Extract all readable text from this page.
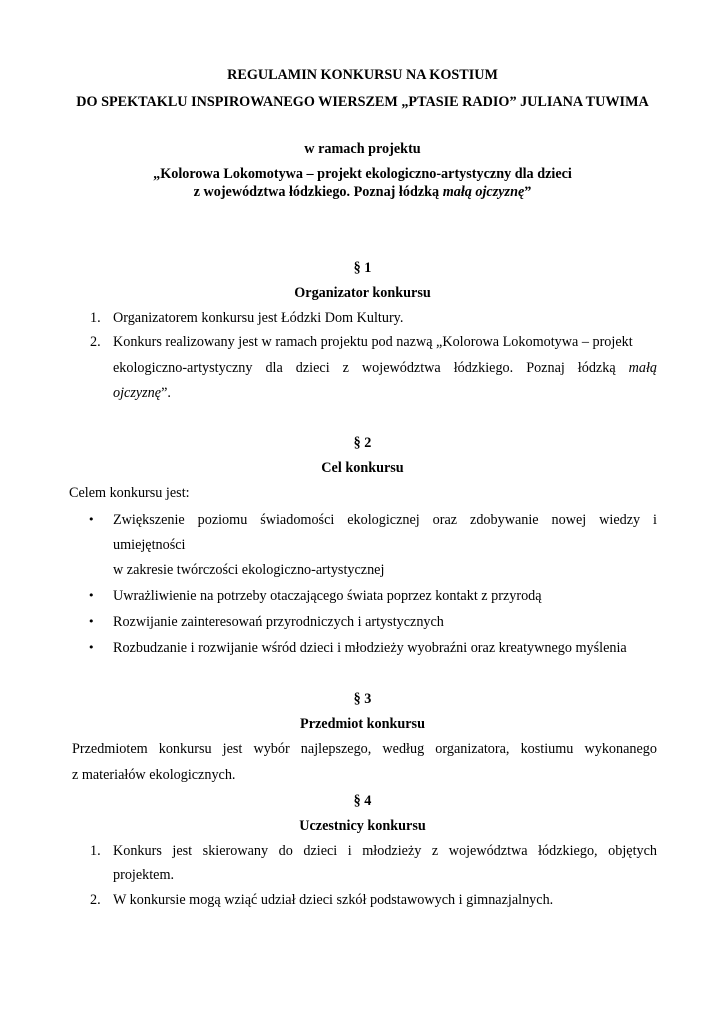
REGULAMIN KONKURSU NA KOSTIUM
DO SPEKTAKLU INSPIROWANEGO WIERSZEM „PTASIE RADIO” JULIANA TUWIMA
w ramach projektu
„Kolorowa Lokomotywa – projekt ekologiczno-artystyczny dla dzieci
z województwa łódzkiego. Poznaj łódzką małą ojczyznę”
§ 1
Organizator konkursu
1. Organizatorem konkursu jest Łódzki Dom Kultury.
2. Konkurs realizowany jest w ramach projektu pod nazwą „Kolorowa Lokomotywa – projekt
ekologiczno-artystyczny dla dzieci z województwa łódzkiego. Poznaj łódzką małą
ojczyznę”.
§ 2
Cel konkursu
Celem konkursu jest:
• Zwiększenie poziomu świadomości ekologicznej oraz zdobywanie nowej wiedzy i
umiejętności
w zakresie twórczości ekologiczno-artystycznej
• Uwrażliwienie na potrzeby otaczającego świata poprzez kontakt z przyrodą
• Rozwijanie zainteresowań przyrodniczych i artystycznych
• Rozbudzanie i rozwijanie wśród dzieci i młodzieży wyobraźni oraz kreatywnego myślenia
§ 3
Przedmiot konkursu
Przedmiotem konkursu jest wybór najlepszego, według organizatora, kostiumu wykonanego
z materiałów ekologicznych.
§ 4
Uczestnicy konkursu
1. Konkurs jest skierowany do dzieci i młodzieży z województwa łódzkiego, objętych
projektem.
2. W konkursie mogą wziąć udział dzieci szkół podstawowych i gimnazjalnych.
